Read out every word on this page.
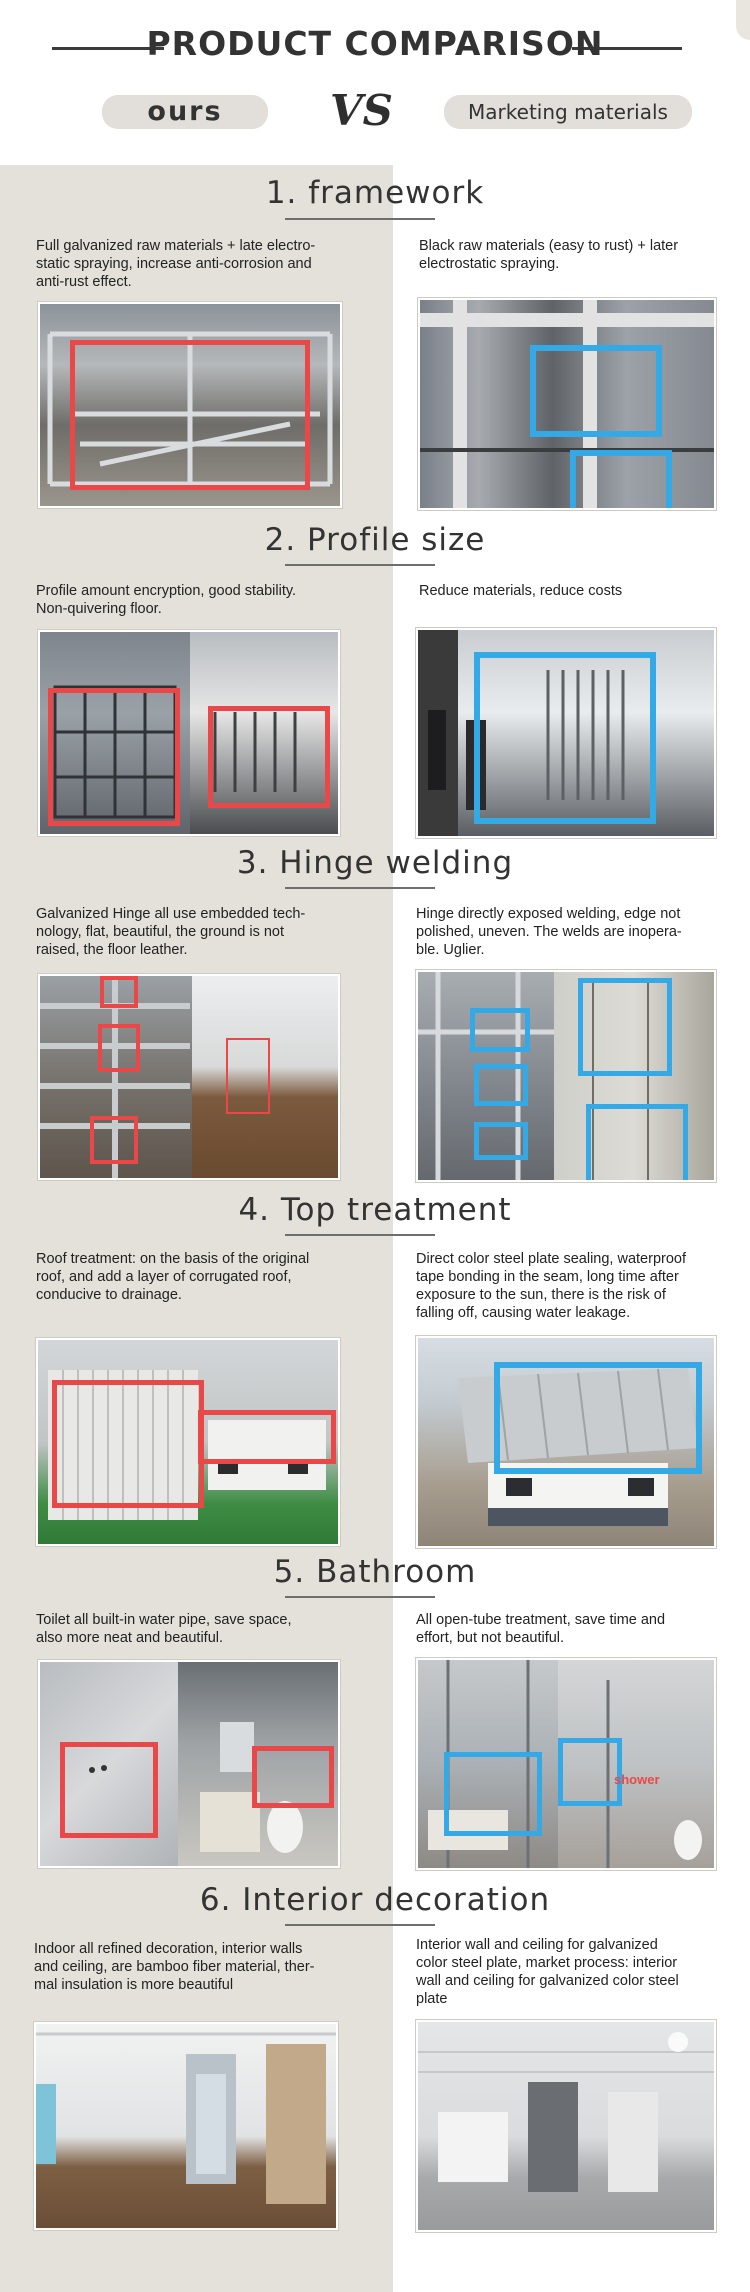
PRODUCT COMPARISON
ours	VS	Marketing materials
1. framework
Full galvanized raw materials + late electro-
static spraying, increase anti-corrosion and
anti-rust effect.
Black raw materials (easy to rust) + later
electrostatic spraying.
2. Profile size
Profile amount encryption, good stability.
Non-quivering floor.
Reduce materials, reduce costs
3. Hinge welding
Galvanized Hinge all use embedded tech-
nology, flat, beautiful, the ground is not
raised, the floor leather.
Hinge directly exposed welding, edge not
polished, uneven. The welds are inopera-
ble. Uglier.
4. Top treatment
Roof treatment: on the basis of the original
roof, and add a layer of corrugated roof,
conducive to drainage.
Direct color steel plate sealing, waterproof
tape bonding in the seam, long time after
exposure to the sun, there is the risk of
falling off, causing water leakage.
5. Bathroom
Toilet all built-in water pipe, save space,
also more neat and beautiful.
All open-tube treatment, save time and
effort, but not beautiful.
shower
6. Interior decoration
Indoor all refined decoration, interior walls
and ceiling, are bamboo fiber material, ther-
mal insulation is more beautiful
Interior wall and ceiling for galvanized
color steel plate, market process: interior
wall and ceiling for galvanized color steel
plate
